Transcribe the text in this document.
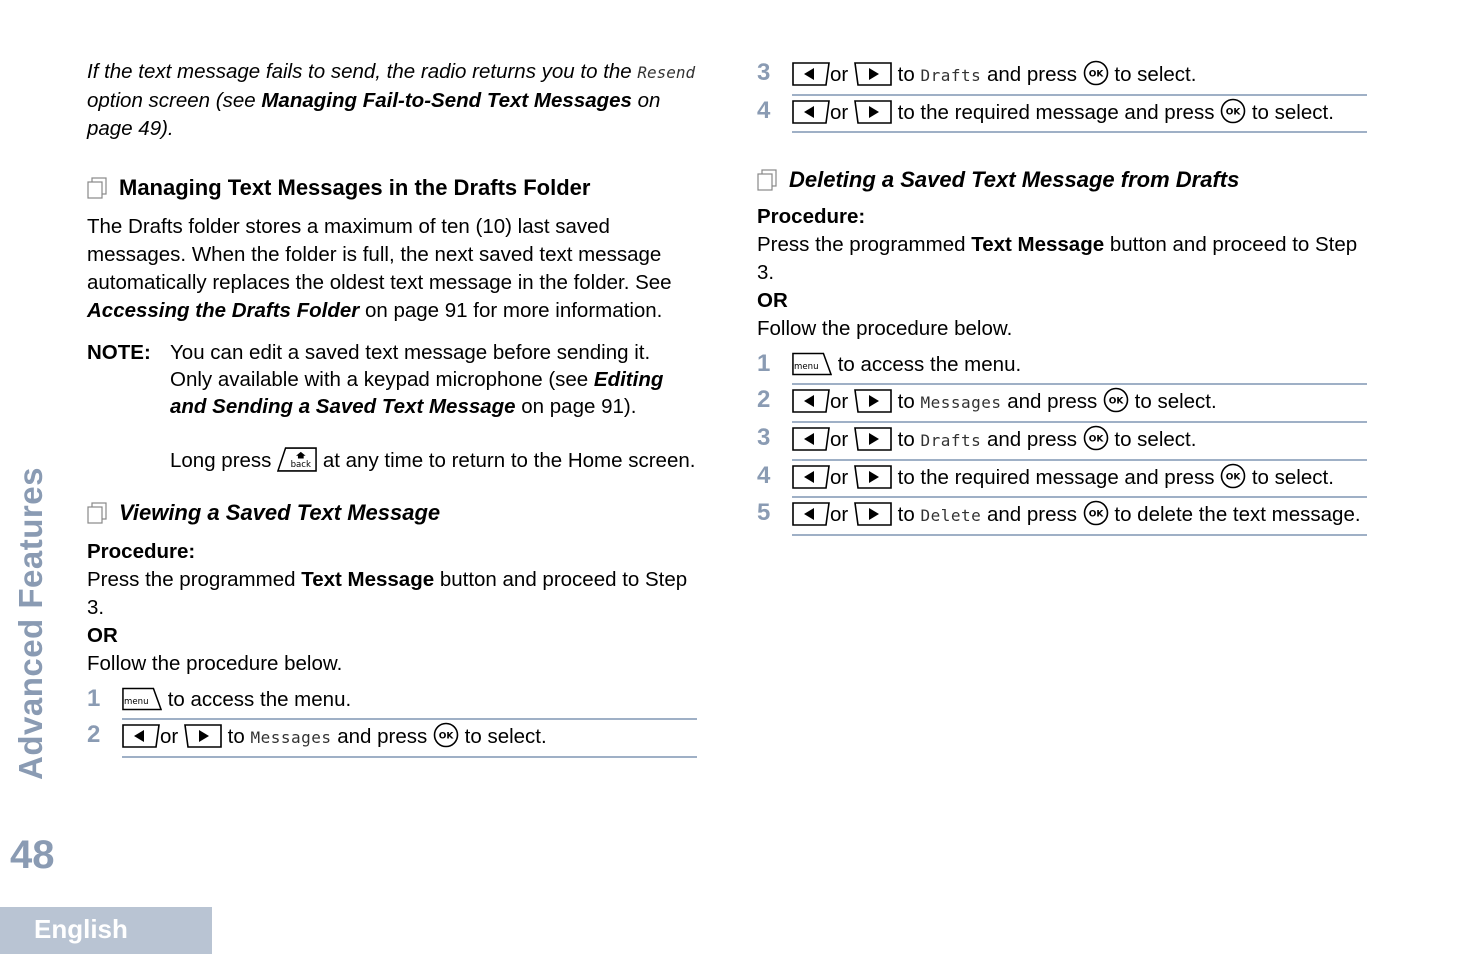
Advanced Features
48
English

If the text message fails to send, the radio returns you to the Resend option screen (see Managing Fail-to-Send Text Messages on page 49).

Managing Text Messages in the Drafts Folder

The Drafts folder stores a maximum of ten (10) last saved messages. When the folder is full, the next saved text message automatically replaces the oldest text message in the folder. See Accessing the Drafts Folder on page 91 for more information.

NOTE: You can edit a saved text message before sending it. Only available with a keypad microphone (see Editing and Sending a Saved Text Message on page 91).

Long press	at any time to return to the Home screen.

Viewing a Saved Text Message

Procedure:

Press the programmed Text Message button and proceed to Step 3.

OR

Follow the procedure below.

1	to access the menu.
2	or to Messages and press to select.
3	or to Drafts and press to select.
4	or to the required message and press to select.
Deleting a Saved Text Message from Drafts

Procedure:

Press the programmed Text Message button and proceed to Step 3.

OR

Follow the procedure below.

1	to access the menu.
2	or to Messages and press to select.
3	or to Drafts and press to select.
4	or to the required message and press to select.
5	or to Delete and press to delete the text message.
